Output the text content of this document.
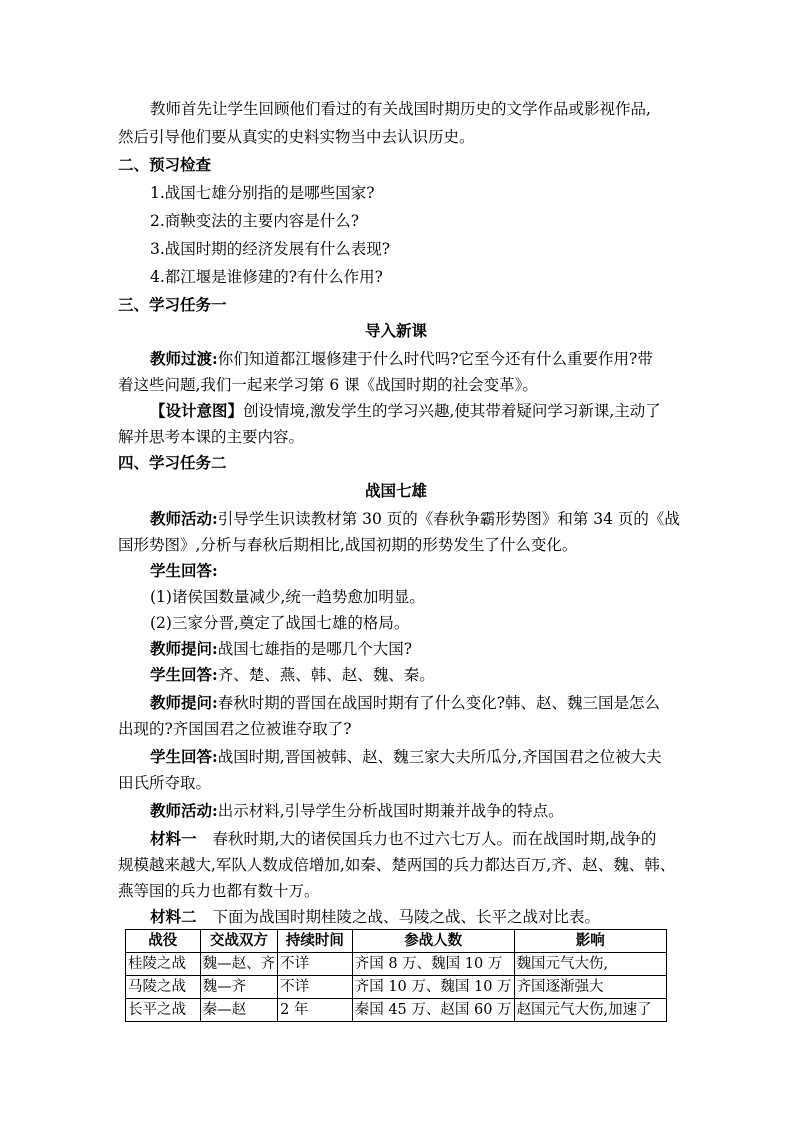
教师首先让学生回顾他们看过的有关战国时期历史的文学作品或影视作品,
然后引导他们要从真实的史料实物当中去认识历史。
二、预习检查
1.战国七雄分别指的是哪些国家?
2.商鞅变法的主要内容是什么?
3.战国时期的经济发展有什么表现?
4.都江堰是谁修建的?有什么作用?
三、学习任务一
导入新课
教师过渡:你们知道都江堰修建于什么时代吗?它至今还有什么重要作用?带
着这些问题,我们一起来学习第 6 课《战国时期的社会变革》。
【设计意图】创设情境,激发学生的学习兴趣,使其带着疑问学习新课,主动了
解并思考本课的主要内容。
四、学习任务二
战国七雄
教师活动:引导学生识读教材第 30 页的《春秋争霸形势图》和第 34 页的《战
国形势图》,分析与春秋后期相比,战国初期的形势发生了什么变化。
学生回答:
(1)诸侯国数量减少,统一趋势愈加明显。
(2)三家分晋,奠定了战国七雄的格局。
教师提问:战国七雄指的是哪几个大国?
学生回答:齐、楚、燕、韩、赵、魏、秦。
教师提问:春秋时期的晋国在战国时期有了什么变化?韩、赵、魏三国是怎么
出现的?齐国国君之位被谁夺取了?
学生回答:战国时期,晋国被韩、赵、魏三家大夫所瓜分,齐国国君之位被大夫
田氏所夺取。
教师活动:出示材料,引导学生分析战国时期兼并战争的特点。
材料一 春秋时期,大的诸侯国兵力也不过六七万人。而在战国时期,战争的
规模越来越大,军队人数成倍增加,如秦、楚两国的兵力都达百万,齐、赵、魏、韩、
燕等国的兵力也都有数十万。
材料二 下面为战国时期桂陵之战、马陵之战、长平之战对比表。
战役	交战双方	持续时间	参战人数	影响
桂陵之战	魏—赵、齐	不详	齐国 8 万、魏国 10 万	魏国元气大伤,
马陵之战	魏—齐	不详	齐国 10 万、魏国 10 万	齐国逐渐强大
长平之战	秦—赵	2 年	秦国 45 万、赵国 60 万	赵国元气大伤,加速了
